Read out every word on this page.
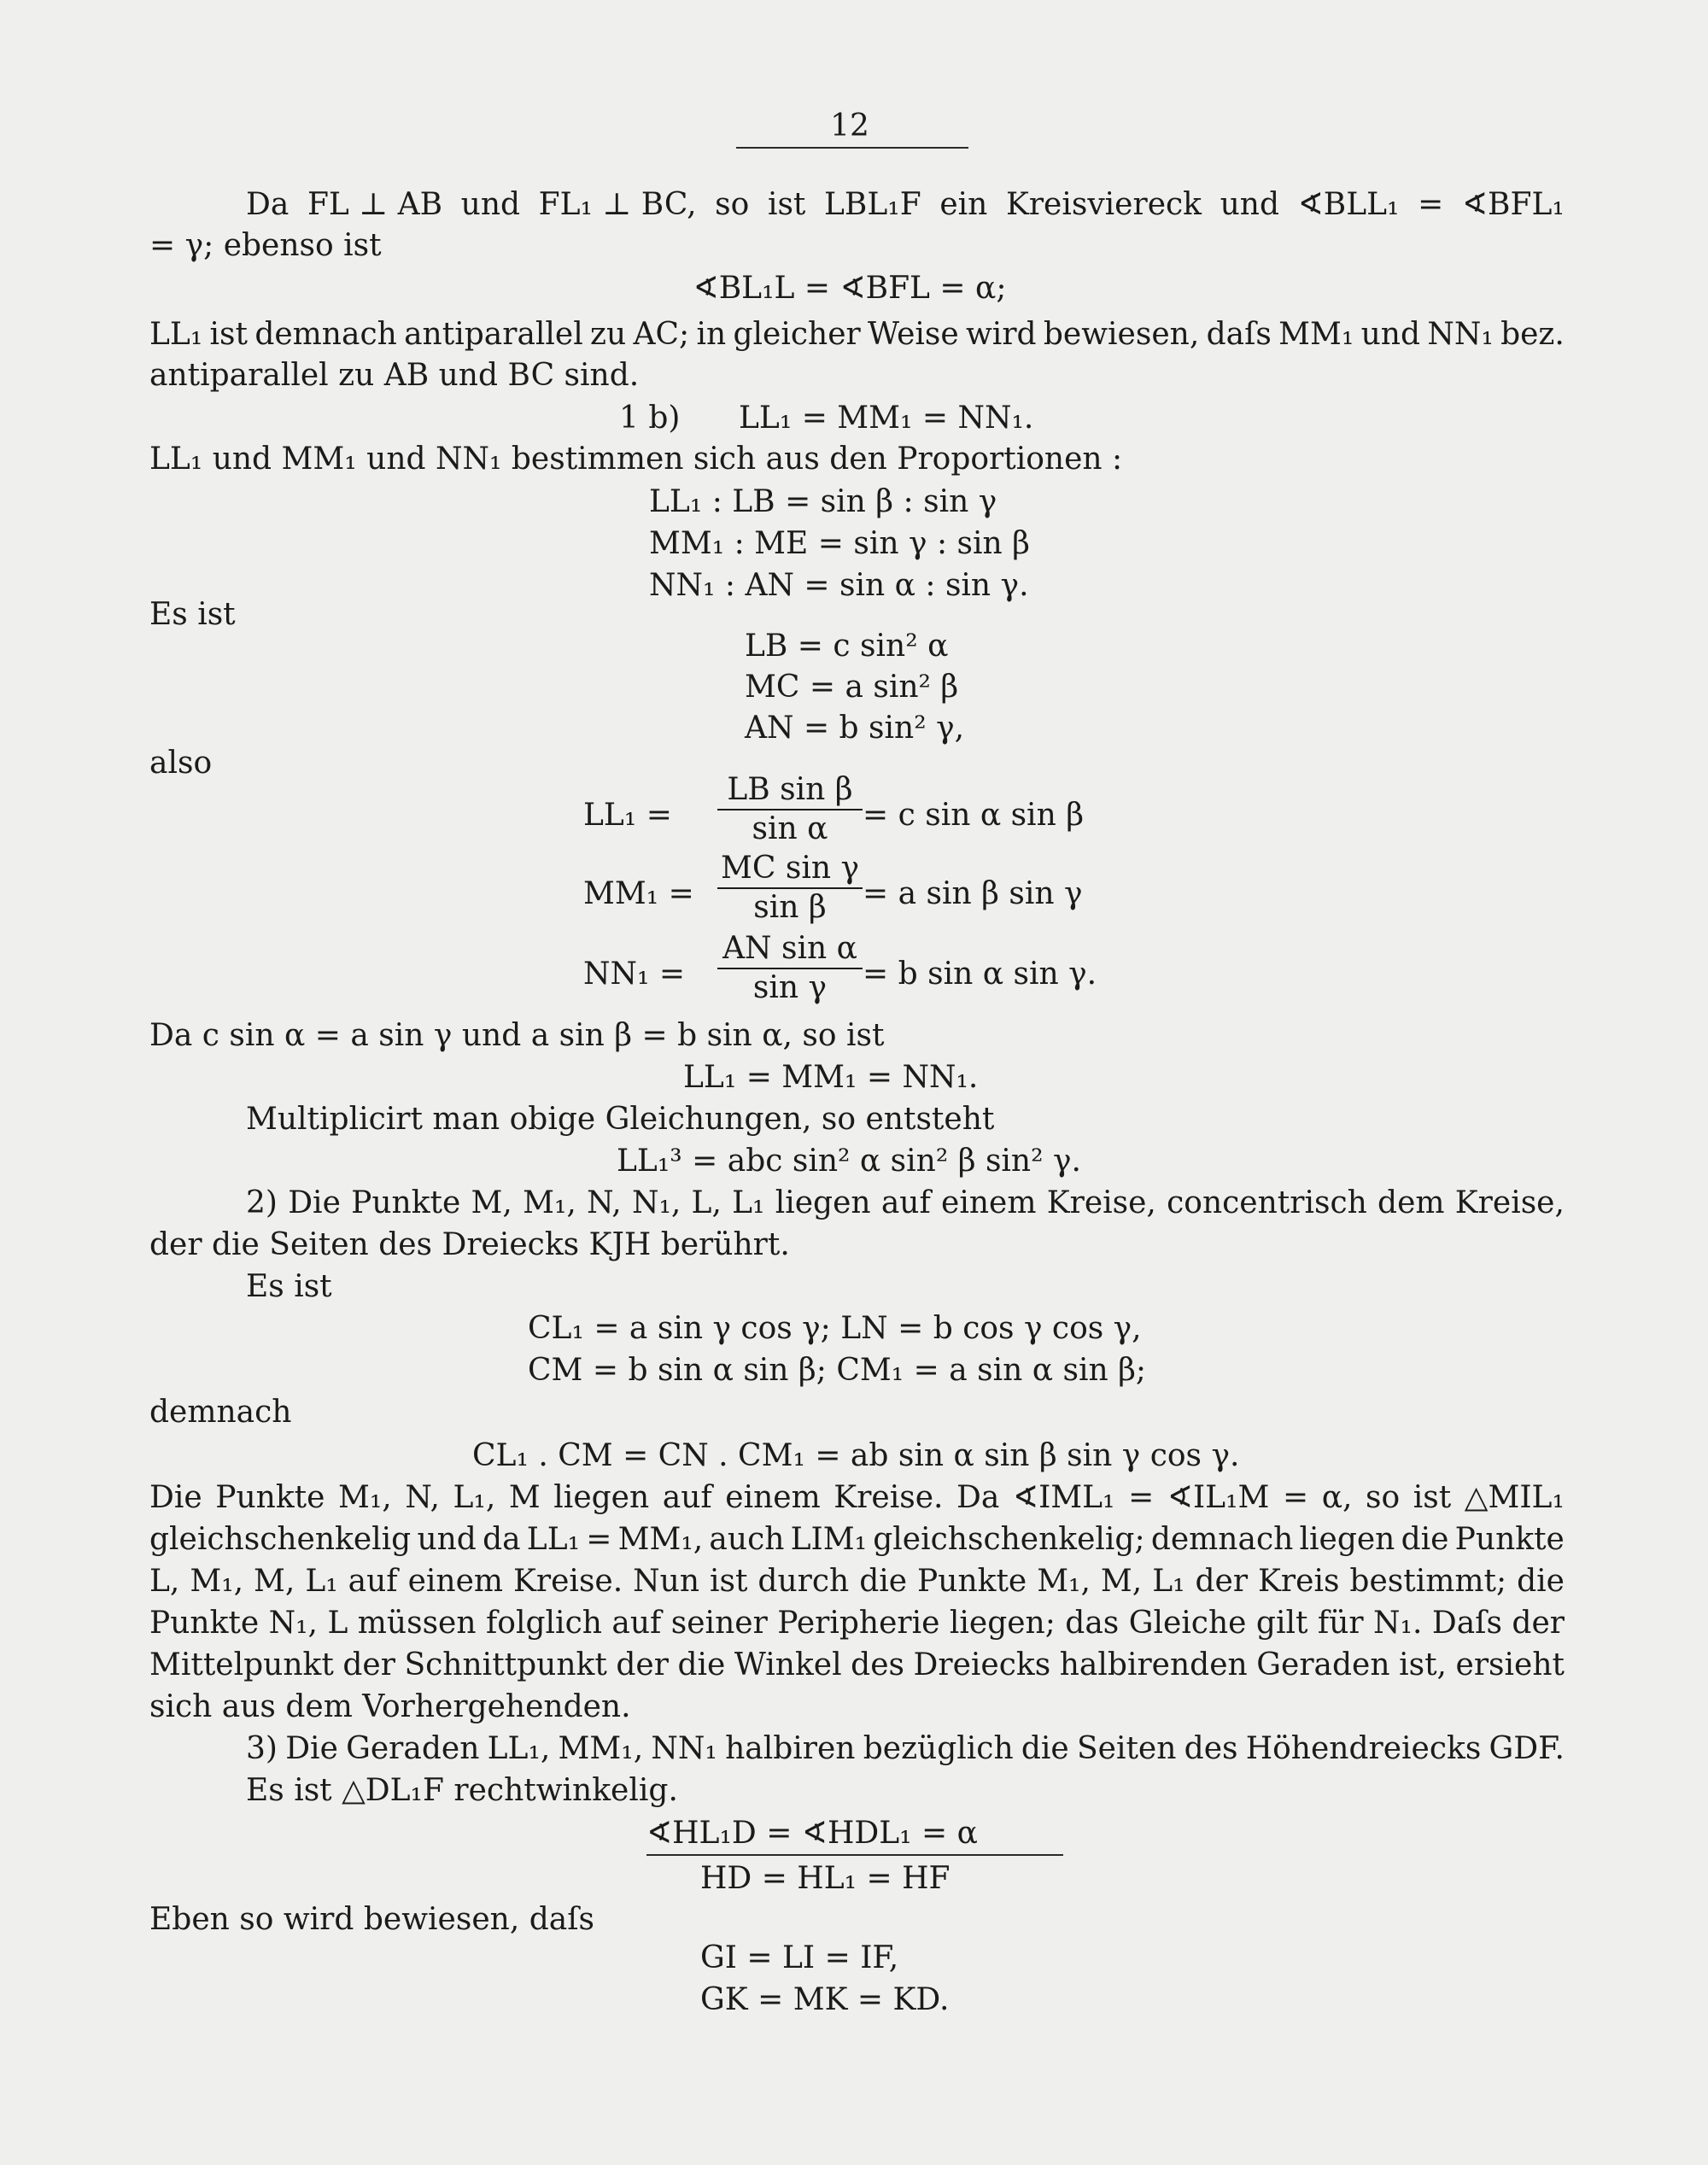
12
Da FL ⊥ AB und FL₁ ⊥ BC, so ist LBL₁F ein Kreisviereck und ∢BLL₁ = ∢BFL₁
= γ; ebenso ist
∢BL₁L = ∢BFL = α;
LL₁ ist demnach antiparallel zu AC; in gleicher Weise wird bewiesen, daſs MM₁ und NN₁ bez.
antiparallel zu AB und BC sind.
1 b) LL₁ = MM₁ = NN₁.
LL₁ und MM₁ und NN₁ bestimmen sich aus den Proportionen :
LL₁ : LB = sin β : sin γ
MM₁ : ME = sin γ : sin β
NN₁ : AN = sin α : sin γ.
Es ist
LB = c sin² α
MC = a sin² β
AN = b sin² γ,
also
LL₁ =
LB sin β
sin α	= c sin α sin β
MM₁ =
MC sin γ
sin β	= a sin β sin γ
NN₁ =
AN sin α
sin γ	= b sin α sin γ.
Da c sin α = a sin γ und a sin β = b sin α, so ist
LL₁ = MM₁ = NN₁.
Multiplicirt man obige Gleichungen, so entsteht
LL₁³ = abc sin² α sin² β sin² γ.
2) Die Punkte M, M₁, N, N₁, L, L₁ liegen auf einem Kreise, concentrisch dem Kreise,
der die Seiten des Dreiecks KJH berührt.
Es ist
CL₁ = a sin γ cos γ; LN = b cos γ cos γ,
CM = b sin α sin β; CM₁ = a sin α sin β;
demnach
CL₁ . CM = CN . CM₁ = ab sin α sin β sin γ cos γ.
Die Punkte M₁, N, L₁, M liegen auf einem Kreise. Da ∢IML₁ = ∢IL₁M = α, so ist △MIL₁
gleichschenkelig und da LL₁ = MM₁, auch LIM₁ gleichschenkelig; demnach liegen die Punkte
L, M₁, M, L₁ auf einem Kreise. Nun ist durch die Punkte M₁, M, L₁ der Kreis bestimmt; die
Punkte N₁, L müssen folglich auf seiner Peripherie liegen; das Gleiche gilt für N₁. Daſs der
Mittelpunkt der Schnittpunkt der die Winkel des Dreiecks halbirenden Geraden ist, ersieht
sich aus dem Vorhergehenden.
3) Die Geraden LL₁, MM₁, NN₁ halbiren bezüglich die Seiten des Höhendreiecks GDF.
Es ist △DL₁F rechtwinkelig.
∢HL₁D = ∢HDL₁ = α
HD = HL₁ = HF
Eben so wird bewiesen, daſs
GI = LI = IF,
GK = MK = KD.
